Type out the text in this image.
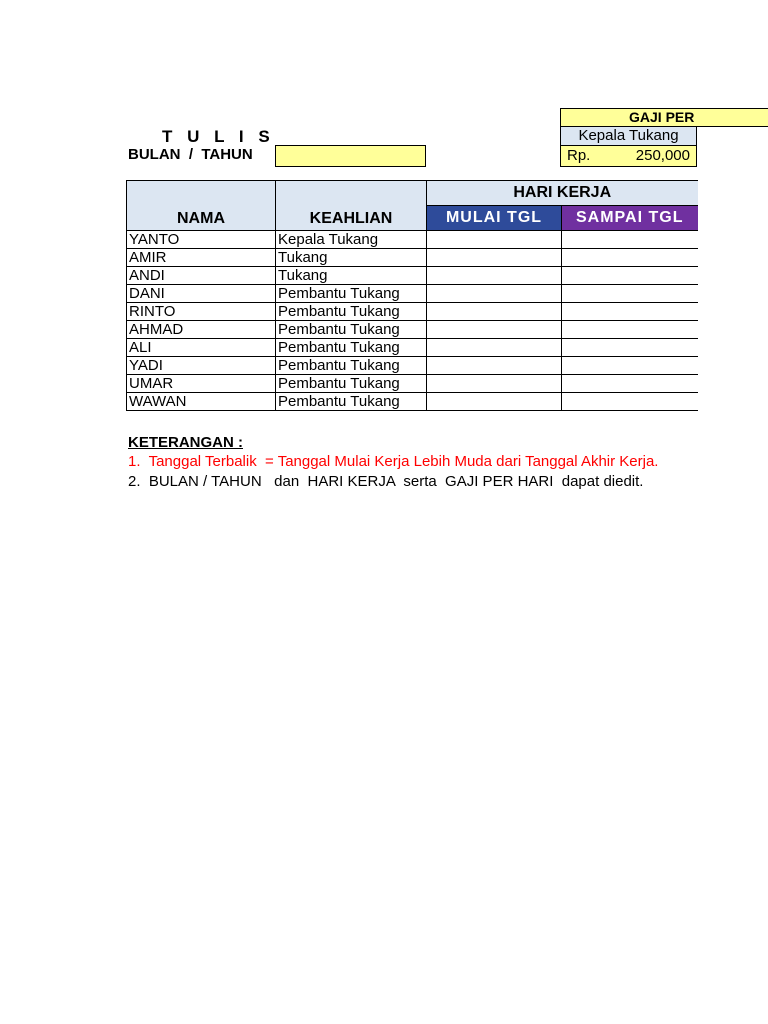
GAJI PER
Kepala Tukang
Rp.	250,000
T U L I S
BULAN  /  TAHUN
NAMA	KEAHLIAN	HARI KERJA	
		MULAI TGL	SAMPAI TGL
YANTO	Kepala Tukang		
AMIR	Tukang		
ANDI	Tukang		
DANI	Pembantu Tukang		
RINTO	Pembantu Tukang		
AHMAD	Pembantu Tukang		
ALI	Pembantu Tukang		
YADI	Pembantu Tukang		
UMAR	Pembantu Tukang		
WAWAN	Pembantu Tukang		
KETERANGAN :
1.  Tanggal Terbalik  = Tanggal Mulai Kerja Lebih Muda dari Tanggal Akhir Kerja.
2.  BULAN / TAHUN   dan  HARI KERJA  serta  GAJI PER HARI  dapat diedit.
